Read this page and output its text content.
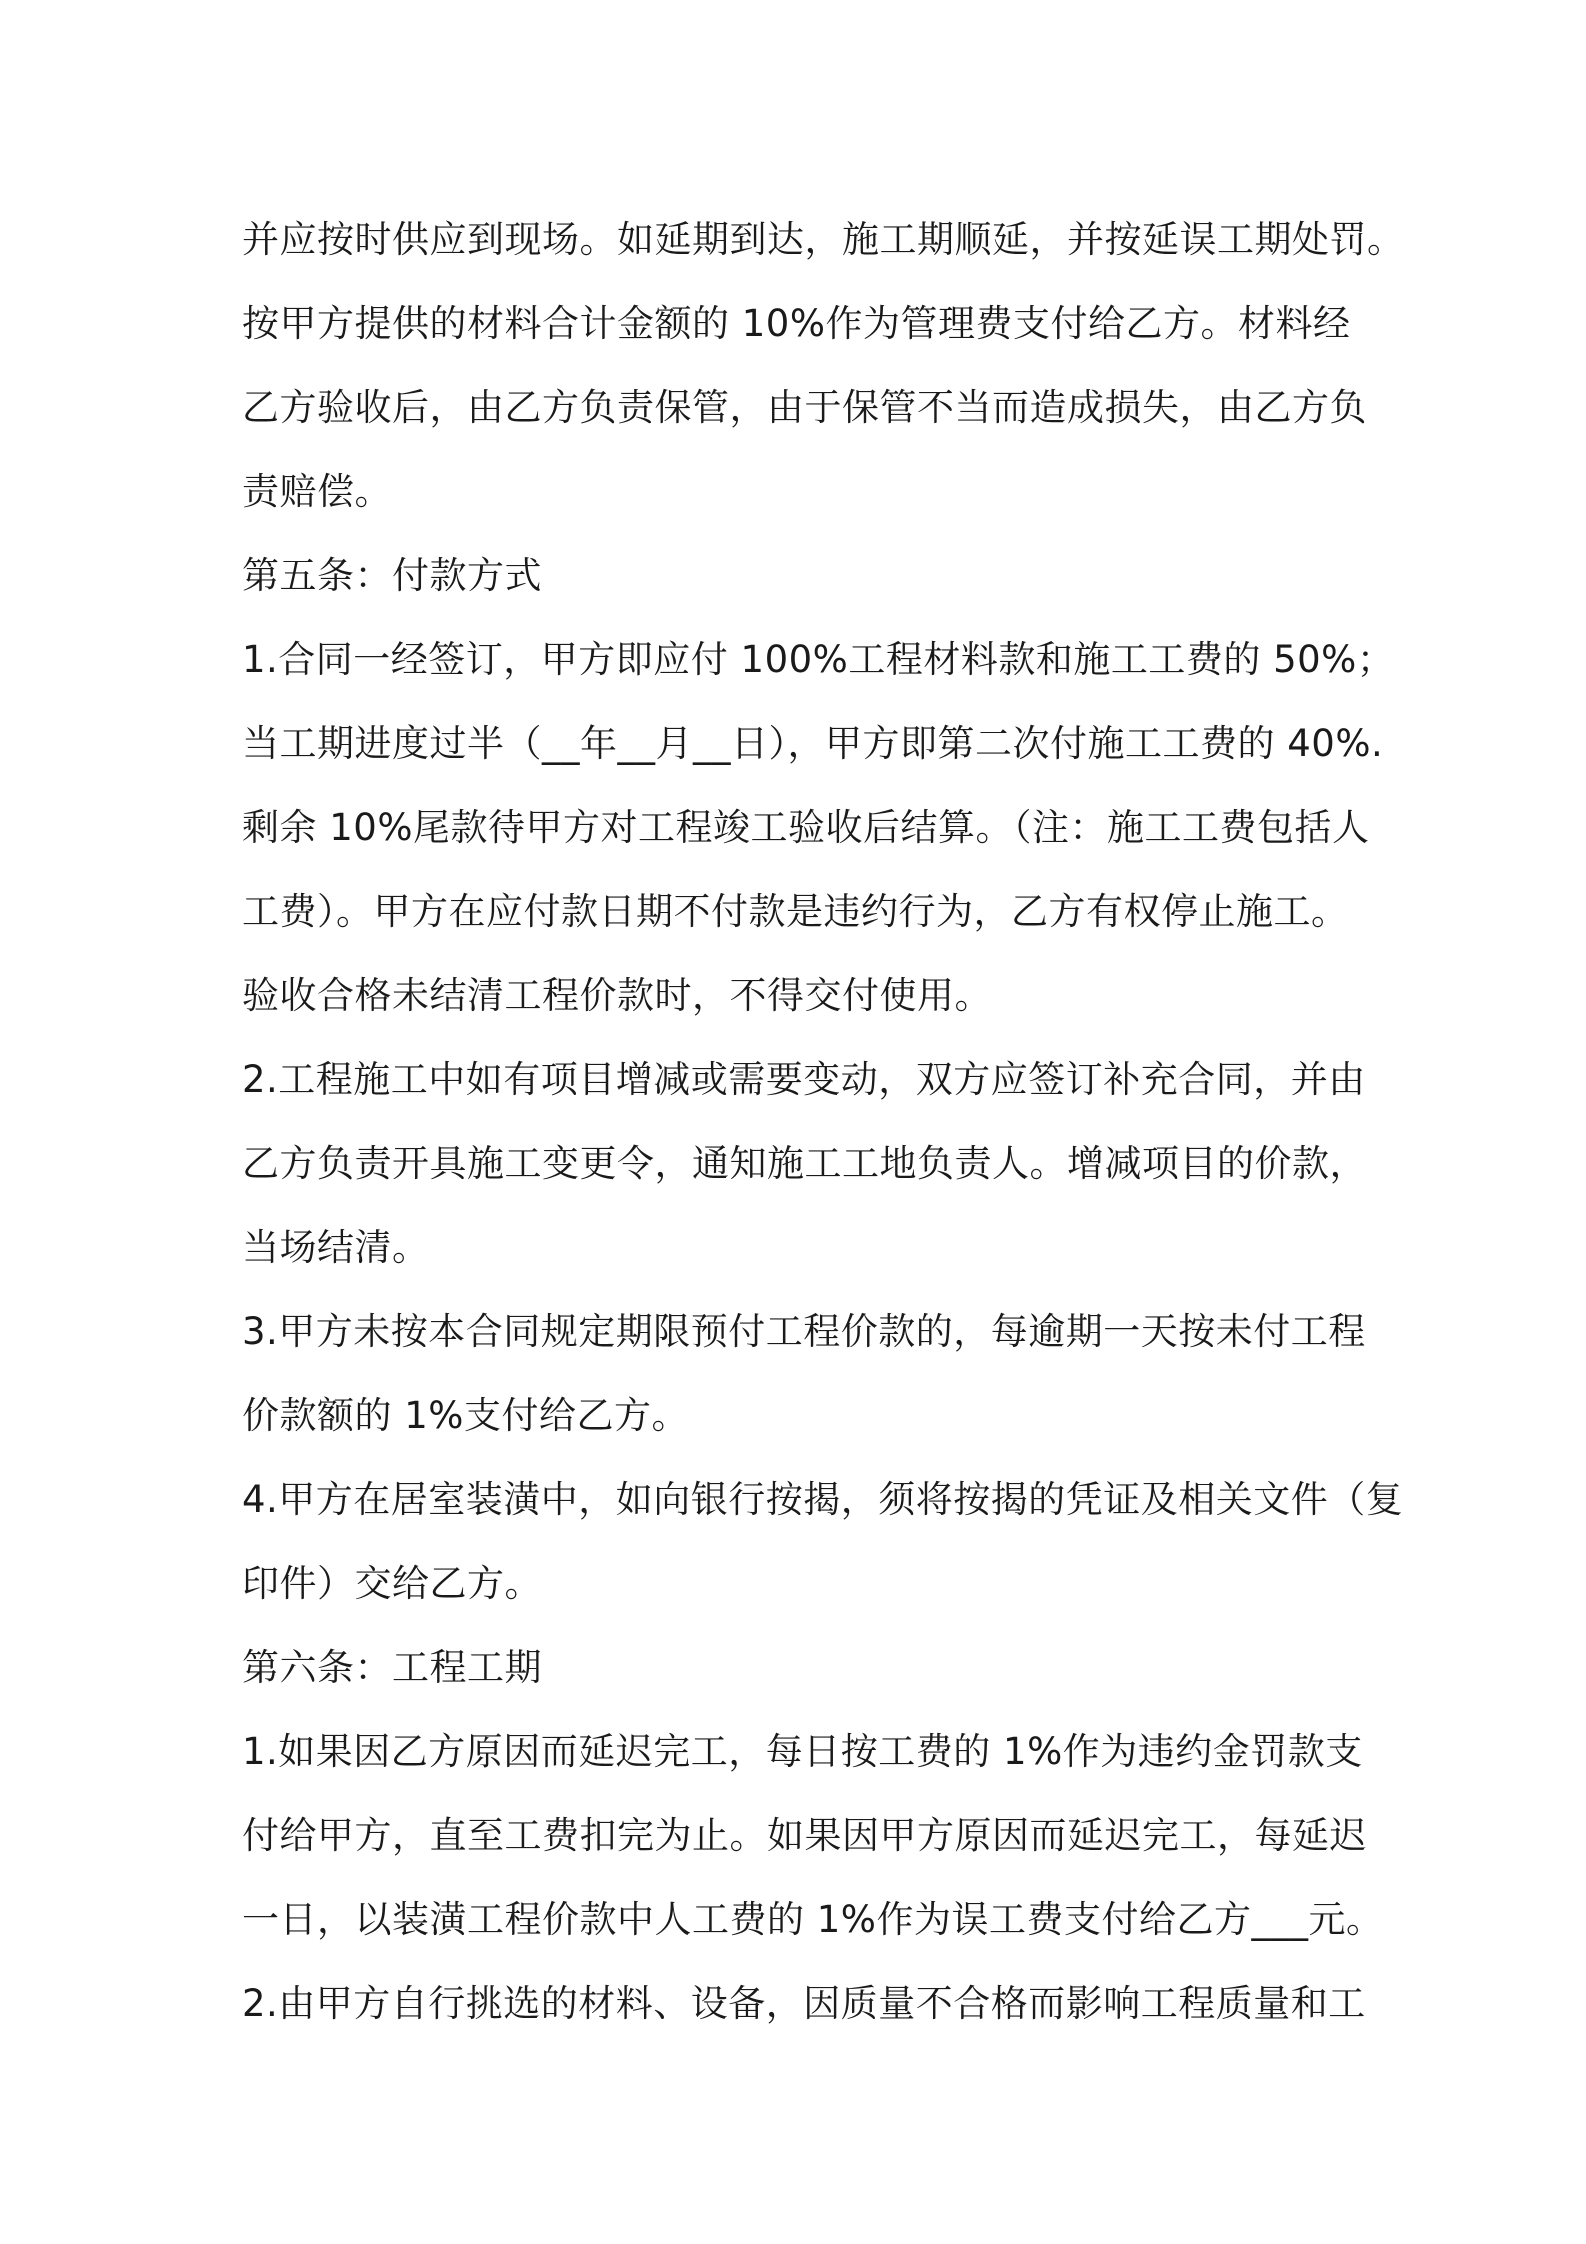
并应按时供应到现场。如延期到达，施工期顺延，并按延误工期处罚。
按甲方提供的材料合计金额的 10%作为管理费支付给乙方。材料经
乙方验收后，由乙方负责保管，由于保管不当而造成损失，由乙方负
责赔偿。
第五条：付款方式
1.合同一经签订，甲方即应付 100%工程材料款和施工工费的 50%；
当工期进度过半（__年__月__日），甲方即第二次付施工工费的 40%.
剩余 10%尾款待甲方对工程竣工验收后结算。（注：施工工费包括人
工费）。甲方在应付款日期不付款是违约行为，乙方有权停止施工。
验收合格未结清工程价款时，不得交付使用。
2.工程施工中如有项目增减或需要变动，双方应签订补充合同，并由
乙方负责开具施工变更令，通知施工工地负责人。增减项目的价款，
当场结清。
3.甲方未按本合同规定期限预付工程价款的，每逾期一天按未付工程
价款额的 1%支付给乙方。
4.甲方在居室装潢中，如向银行按揭，须将按揭的凭证及相关文件（复
印件）交给乙方。
第六条：工程工期
1.如果因乙方原因而延迟完工，每日按工费的 1%作为违约金罚款支
付给甲方，直至工费扣完为止。如果因甲方原因而延迟完工，每延迟
一日，以装潢工程价款中人工费的 1%作为误工费支付给乙方___元。
2.由甲方自行挑选的材料、设备，因质量不合格而影响工程质量和工
